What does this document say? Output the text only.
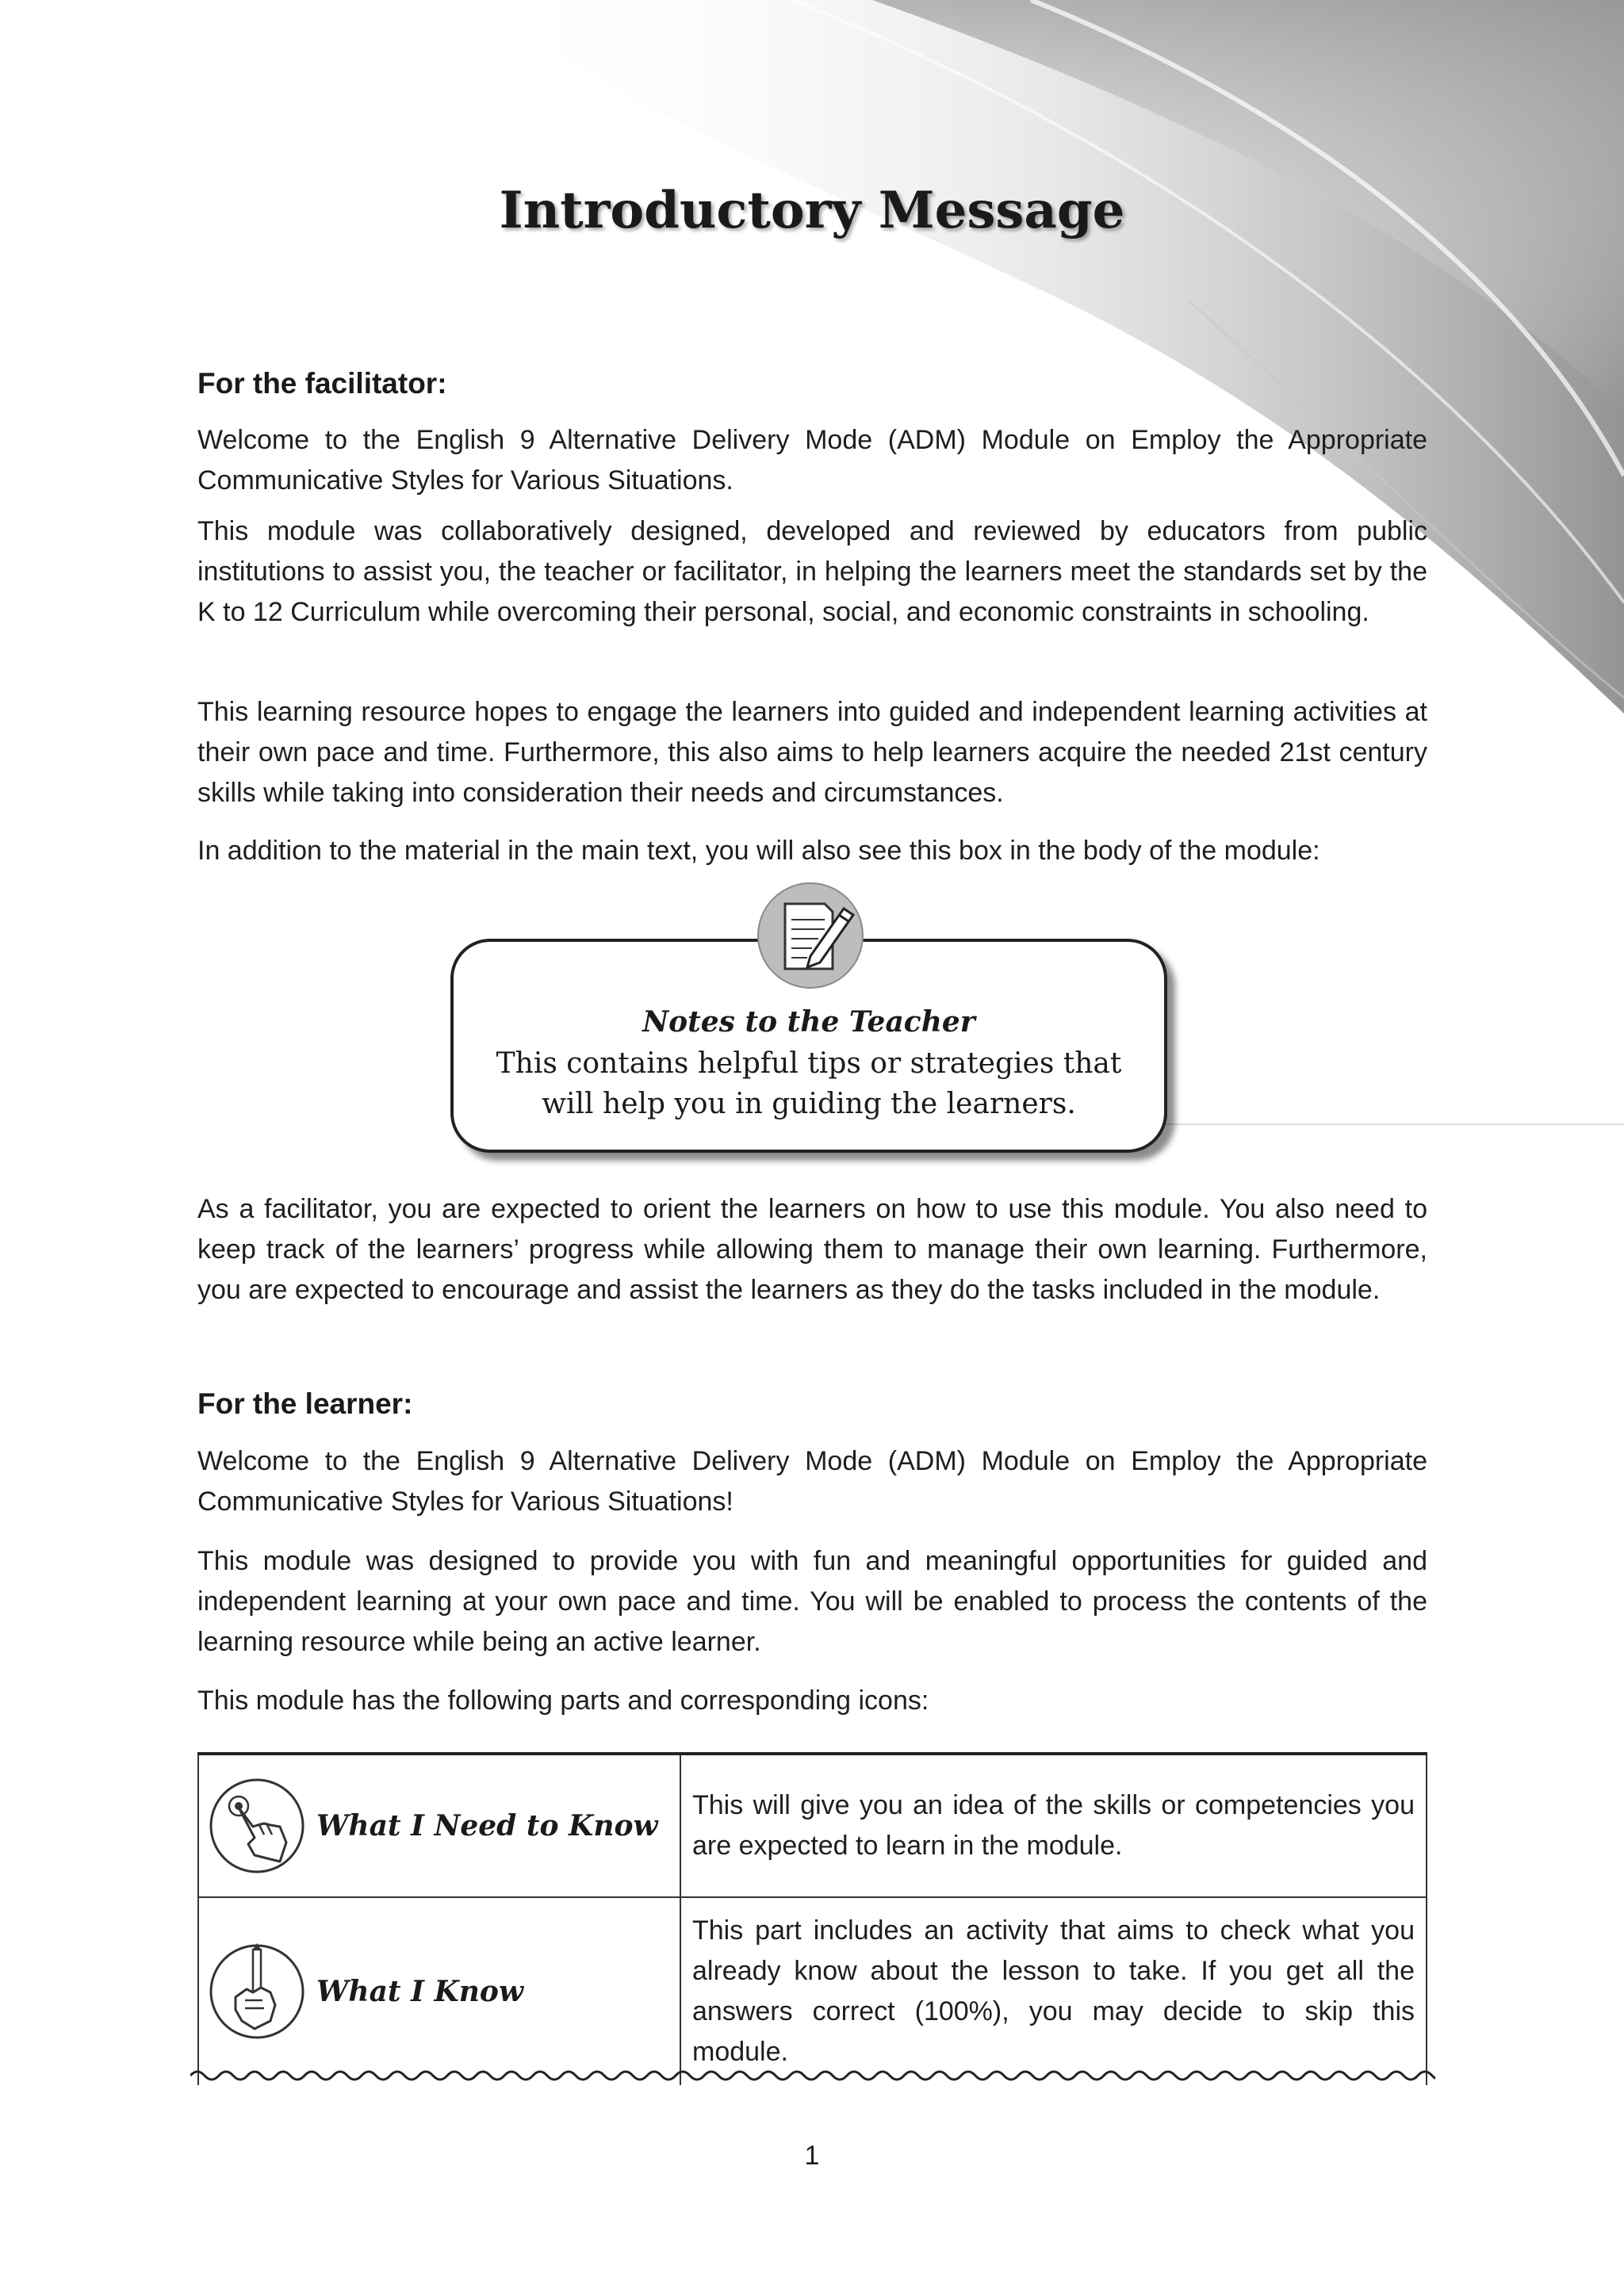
Introductory Message
For the facilitator:

Welcome to the English 9 Alternative Delivery Mode (ADM) Module on Employ the Appropriate Communicative Styles for Various Situations.

This module was collaboratively designed, developed and reviewed by educators from public institutions to assist you, the teacher or facilitator, in helping the learners meet the standards set by the K to 12 Curriculum while overcoming their personal, social, and economic constraints in schooling.

This learning resource hopes to engage the learners into guided and independent learning activities at their own pace and time. Furthermore, this also aims to help learners acquire the needed 21st century skills while taking into consideration their needs and circumstances.

In addition to the material in the main text, you will also see this box in the body of the module:

Notes to the Teacher
This contains helpful tips or strategies that will help you in guiding the learners.

As a facilitator, you are expected to orient the learners on how to use this module. You also need to keep track of the learners’ progress while allowing them to manage their own learning. Furthermore, you are expected to encourage and assist the learners as they do the tasks included in the module.

For the learner:

Welcome to the English 9 Alternative Delivery Mode (ADM) Module on Employ the Appropriate Communicative Styles for Various Situations!

This module was designed to provide you with fun and meaningful opportunities for guided and independent learning at your own pace and time. You will be enabled to process the contents of the learning resource while being an active learner.

This module has the following parts and corresponding icons:

What I Need to Know	This will give you an idea of the skills or competencies you are expected to learn in the module.

What I Know	This part includes an activity that aims to check what you already know about the lesson to take. If you get all the answers correct (100%), you may decide to skip this module.
1
